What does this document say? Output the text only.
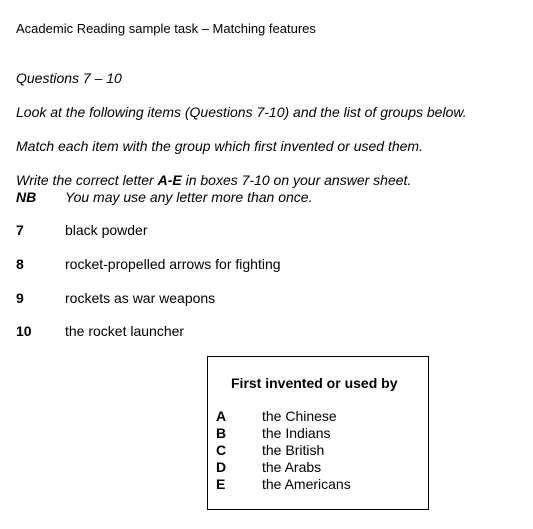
Academic Reading sample task – Matching features
Questions 7 – 10
Look at the following items (Questions 7-10) and the list of groups below.
Match each item with the group which first invented or used them.
Write the correct letter A-E in boxes 7-10 on your answer sheet.
NB You may use any letter more than once.
7	black powder
8	rocket-propelled arrows for fighting
9	rockets as war weapons
10 the rocket launcher
First invented or used by
A	the Chinese
B	the Indians
C	the British
D	the Arabs
E	the Americans
